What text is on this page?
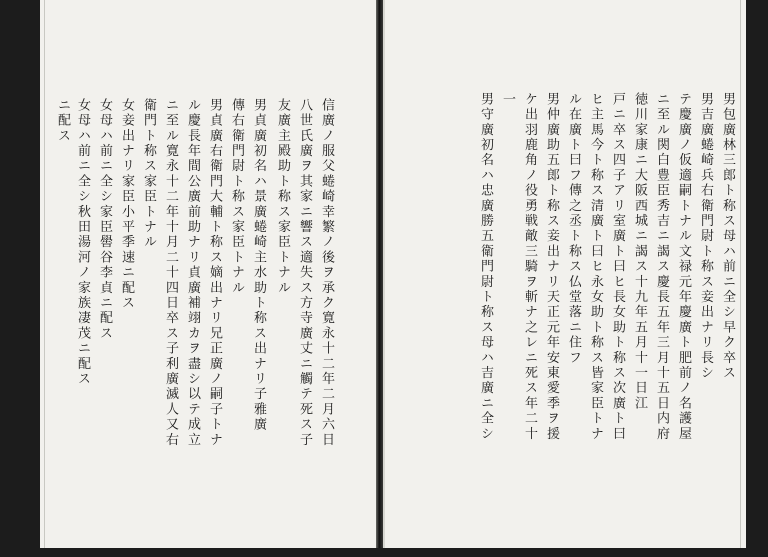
信廣ノ服父蜷崎幸繁ノ後ヲ承ク寛永十二年二月六日
八世氏廣ヲ其家ニ響ス適失ス方寺廣丈ニ觸テ死ス子
友廣主殿助ト称ス家臣トナル
男貞廣初名ハ景廣蜷崎主水助ト称ス出ナリ子雅廣
傳右衛門尉ト称ス家臣トナル
男貞廣右衛門大輔ト称ス嫡出ナリ兄正廣ノ嗣子トナ
ル慶長年間公廣前助ナリ貞廣補翊カヲ盡シ以テ成立
ニ至ル寛永十二年十月二十四日卒ス子利廣滅人又右
衛門ト称ス家臣トナル
女妾出ナリ家臣小平季速ニ配ス
女母ハ前ニ全シ家臣嚳谷李貞ニ配ス
女母ハ前ニ全シ秋田湯河ノ家族凄茂ニ配ス
ニ配ス	男包廣林三郎ト称ス母ハ前ニ全シ早ク卒ス
男吉廣蜷崎兵右衛門尉ト称ス妾出ナリ長シ
テ慶廣ノ仮適嗣トナル文禄元年慶廣ト肥前ノ名護屋
ニ至ル関白豊臣秀吉ニ謁ス慶長五年三月十五日内府
徳川家康ニ大阪西城ニ謁ス十九年五月十一日江
戸ニ卒ス四子アリ室廣ト曰ヒ長女助ト称ス次廣ト曰
ヒ主馬今ト称ス清廣ト曰ヒ永女助ト称ス皆家臣トナ
ル在廣ト曰フ傳之丞ト称ス仏堂落ニ住フ
男仲廣助五郎ト称ス妾出ナリ天正元年安東愛季ヲ援
ケ出羽鹿角ノ役勇戦敵三騎ヲ斬ナ之レニ死ス年二十
一
男守廣初名ハ忠廣勝五衛門尉ト称ス母ハ吉廣ニ全シ
